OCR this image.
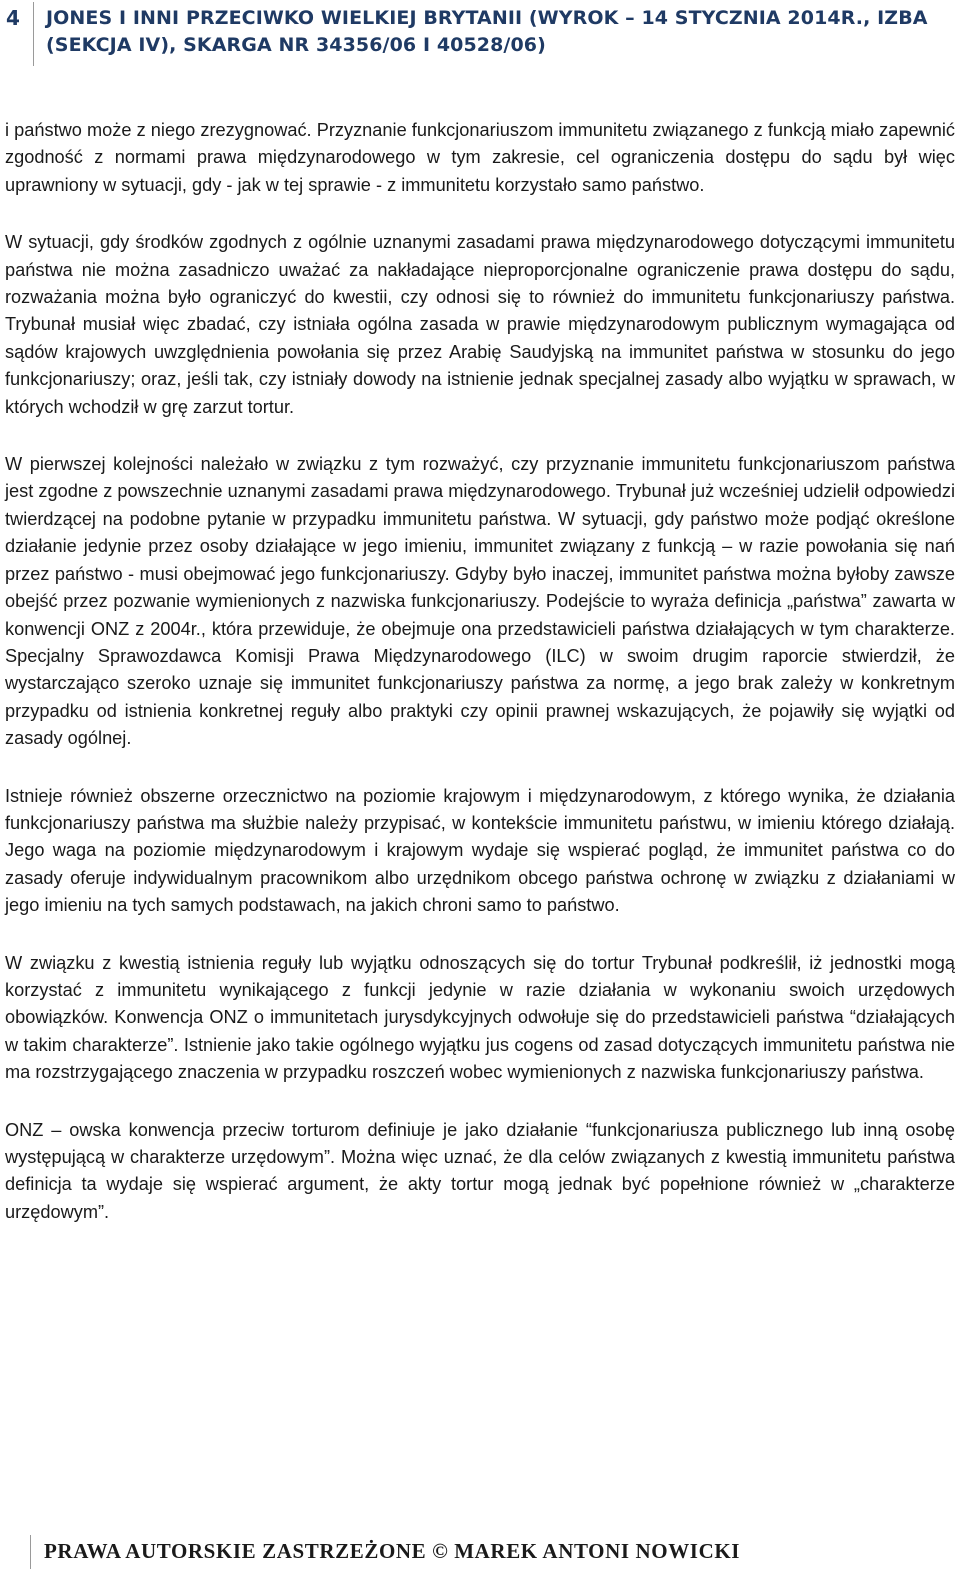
4	JONES I INNI PRZECIWKO WIELKIEJ BRYTANII (WYROK – 14 STYCZNIA 2014R., IZBA (SEKCJA IV), SKARGA NR 34356/06 I 40528/06)

i państwo może z niego zrezygnować. Przyznanie funkcjonariuszom immunitetu związanego z funkcją miało zapewnić zgodność z normami prawa międzynarodowego w tym zakresie, cel ograniczenia dostępu do sądu był więc uprawniony w sytuacji, gdy - jak w tej sprawie - z immunitetu korzystało samo państwo.

W sytuacji, gdy środków zgodnych z ogólnie uznanymi zasadami prawa międzynarodowego dotyczącymi immunitetu państwa nie można zasadniczo uważać za nakładające nieproporcjonalne ograniczenie prawa dostępu do sądu, rozważania można było ograniczyć do kwestii, czy odnosi się to również do immunitetu funkcjonariuszy państwa. Trybunał musiał więc zbadać, czy istniała ogólna zasada w prawie międzynarodowym publicznym wymagająca od sądów krajowych uwzględnienia powołania się przez Arabię Saudyjską na immunitet państwa w stosunku do jego funkcjonariuszy; oraz, jeśli tak, czy istniały dowody na istnienie jednak specjalnej zasady albo wyjątku w sprawach, w których wchodził w grę zarzut tortur.

W pierwszej kolejności należało w związku z tym rozważyć, czy przyznanie immunitetu funkcjonariuszom państwa jest zgodne z powszechnie uznanymi zasadami prawa międzynarodowego. Trybunał już wcześniej udzielił odpowiedzi twierdzącej na podobne pytanie w przypadku immunitetu państwa. W sytuacji, gdy państwo może podjąć określone działanie jedynie przez osoby działające w jego imieniu, immunitet związany z funkcją – w razie powołania się nań przez państwo - musi obejmować jego funkcjonariuszy. Gdyby było inaczej, immunitet państwa można byłoby zawsze obejść przez pozwanie wymienionych z nazwiska funkcjonariuszy. Podejście to wyraża definicja „państwa” zawarta w konwencji ONZ z 2004r., która przewiduje, że obejmuje ona przedstawicieli państwa działających w tym charakterze. Specjalny Sprawozdawca Komisji Prawa Międzynarodowego (ILC) w swoim drugim raporcie stwierdził, że wystarczająco szeroko uznaje się immunitet funkcjonariuszy państwa za normę, a jego brak zależy w konkretnym przypadku od istnienia konkretnej reguły albo praktyki czy opinii prawnej wskazujących, że pojawiły się wyjątki od zasady ogólnej.

Istnieje również obszerne orzecznictwo na poziomie krajowym i międzynarodowym, z którego wynika, że działania funkcjonariuszy państwa ma służbie należy przypisać, w kontekście immunitetu państwu, w imieniu którego działają. Jego waga na poziomie międzynarodowym i krajowym wydaje się wspierać pogląd, że immunitet państwa co do zasady oferuje indywidualnym pracownikom albo urzędnikom obcego państwa ochronę w związku z działaniami w jego imieniu na tych samych podstawach, na jakich chroni samo to państwo.

W związku z kwestią istnienia reguły lub wyjątku odnoszących się do tortur Trybunał podkreślił, iż jednostki mogą korzystać z immunitetu wynikającego z funkcji jedynie w razie działania w wykonaniu swoich urzędowych obowiązków. Konwencja ONZ o immunitetach jurysdykcyjnych odwołuje się do przedstawicieli państwa “działających w takim charakterze”. Istnienie jako takie ogólnego wyjątku jus cogens od zasad dotyczących immunitetu państwa nie ma rozstrzygającego znaczenia w przypadku roszczeń wobec wymienionych z nazwiska funkcjonariuszy państwa.

ONZ – owska konwencja przeciw torturom definiuje je jako działanie “funkcjonariusza publicznego lub inną osobę występującą w charakterze urzędowym”. Można więc uznać, że dla celów związanych z kwestią immunitetu państwa definicja ta wydaje się wspierać argument, że akty tortur mogą jednak być popełnione również w „charakterze urzędowym”.

PRAWA AUTORSKIE ZASTRZEŻONE © MAREK ANTONI NOWICKI
